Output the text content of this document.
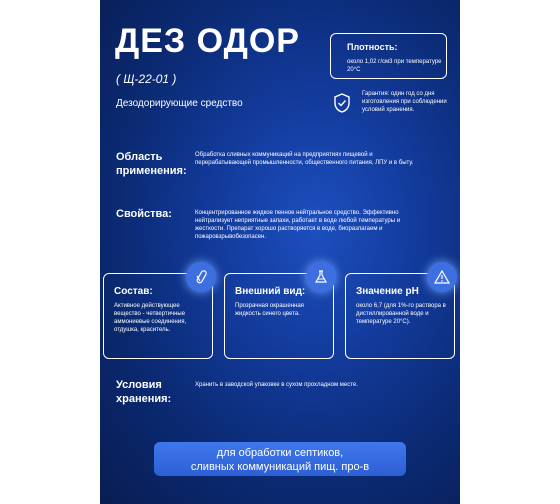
ДЕЗ ОДОР
( Щ-22-01 )
Дезодорирующие средство
Плотность:
около 1,02 г/см3 при температуре 20°С
Гарантия: один год со дня изготовления при соблюдении условий хранения.
Область применения:
Обработка сливных коммуникаций на предприятиях пищевой и перерабатывающей промышленности, общественного питания, ЛПУ и в быту.
Свойства:	Концентрированное жидкое пенное нейтральное средство. Эффективно нейтрализует неприятные запахи, работает в воде любой температуры и жесткости. Препарат хорошо растворяется в воде, биоразлагаем и пожаровзрывобезопасен.
Состав:
Активное действующее вещество - четвертичные аммониевые соединения, отдушка, краситель.
Внешний вид:
Прозрачная окрашенная жидкость синего цвета.
Значение pH
около 6,7 (для 1%-го раствора в дистиллированной воде и температуре 20°С).
Условия хранения:
Хранить в заводской упаковке в сухом прохладном месте.
для обработки септиков,
сливных коммуникаций пищ. про-в
